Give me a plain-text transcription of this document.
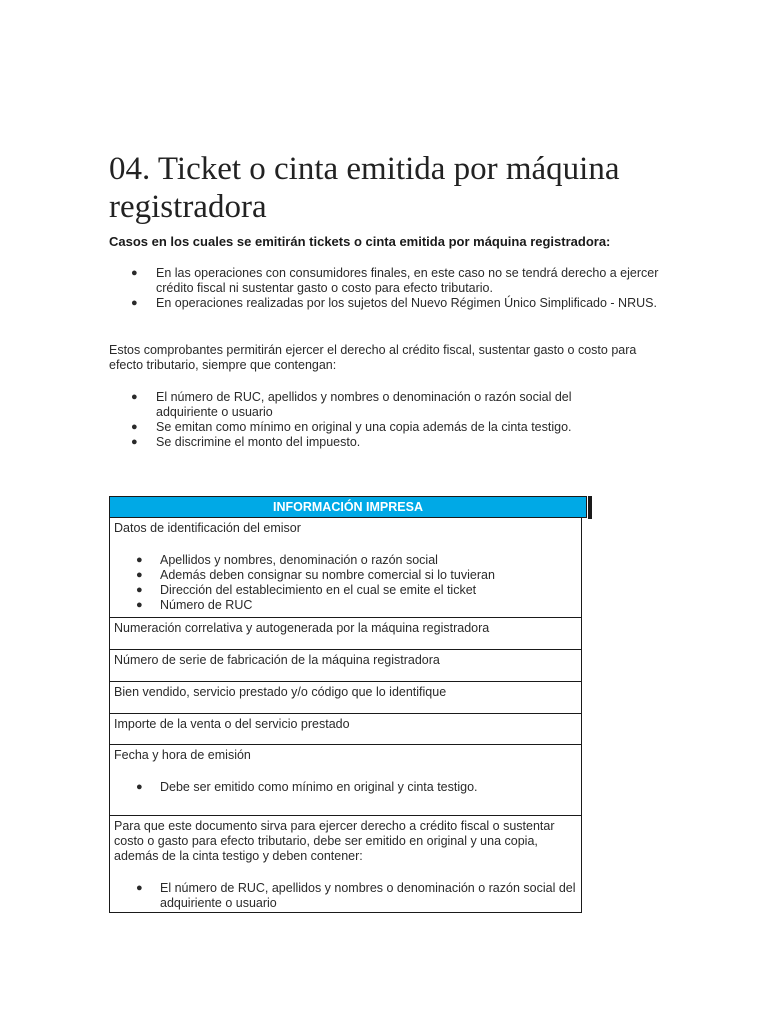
04. Ticket o cinta emitida por máquina registradora

Casos en los cuales se emitirán tickets o cinta emitida por máquina registradora:

● En las operaciones con consumidores finales, en este caso no se tendrá derecho a ejercer crédito fiscal ni sustentar gasto o costo para efecto tributario.
● En operaciones realizadas por los sujetos del Nuevo Régimen Único Simplificado - NRUS.

Estos comprobantes permitirán ejercer el derecho al crédito fiscal, sustentar gasto o costo para efecto tributario, siempre que contengan:

● El número de RUC, apellidos y nombres o denominación o razón social del adquiriente o usuario
● Se emitan como mínimo en original y una copia además de la cinta testigo.
● Se discrimine el monto del impuesto.
INFORMACIÓN IMPRESA
Datos de identificación del emisor
● Apellidos y nombres, denominación o razón social
● Además deben consignar su nombre comercial si lo tuvieran
● Dirección del establecimiento en el cual se emite el ticket
● Número de RUC
Numeración correlativa y autogenerada por la máquina registradora
Número de serie de fabricación de la máquina registradora
Bien vendido, servicio prestado y/o código que lo identifique
Importe de la venta o del servicio prestado
Fecha y hora de emisión
● Debe ser emitido como mínimo en original y cinta testigo.
Para que este documento sirva para ejercer derecho a crédito fiscal o sustentar costo o gasto para efecto tributario, debe ser emitido en original y una copia, además de la cinta testigo y deben contener:
● El número de RUC, apellidos y nombres o denominación o razón social del adquiriente o usuario
